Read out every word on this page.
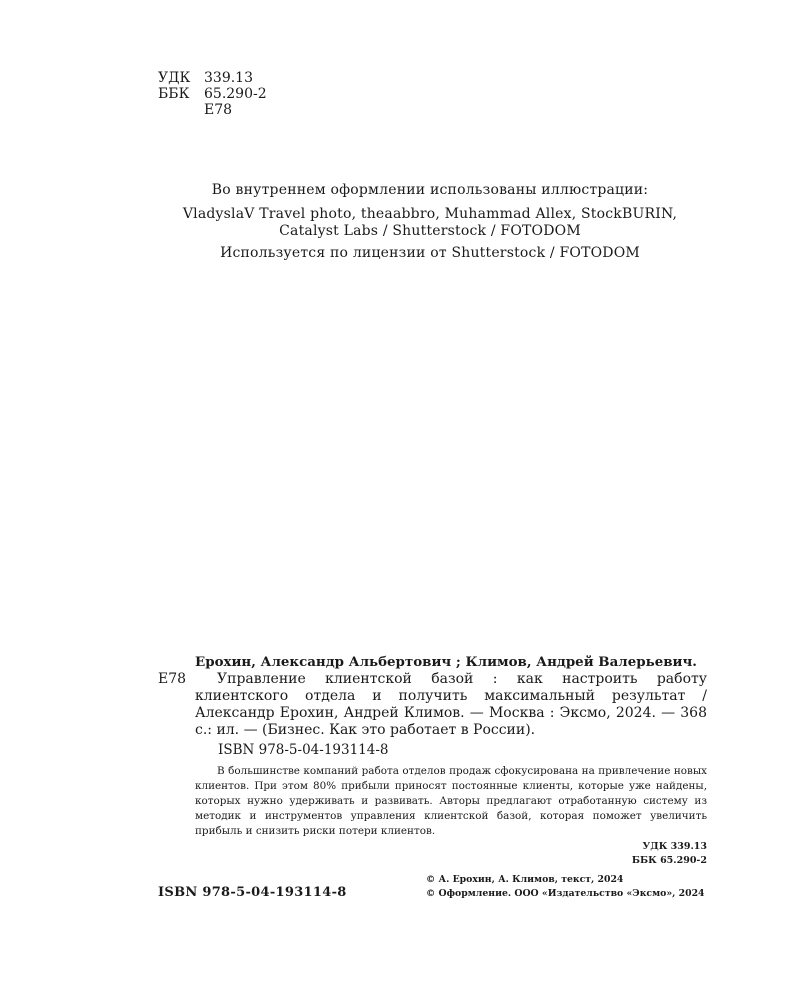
УДК 339.13
ББК	65.290-2
Е78
Во внутреннем оформлении использованы иллюстрации:
VladyslaV Travel photo, theaabbro, Muhammad Allex, StockBURIN,
Catalyst Labs / Shutterstock / FOTODOM
Используется по лицензии от Shutterstock / FOTODOM
Ерохин, Александр Альбертович ; Климов, Андрей Валерьевич.
Е78	Управление клиентской базой : как настроить работу клиентского отдела и получить максимальный результат / Александр Ерохин, Андрей Климов. — Москва : Эксмо, 2024. — 368 с.: ил. — (Бизнес. Как это работает в России).
ISBN 978-5-04-193114-8
В большинстве компаний работа отделов продаж сфокусирована на привлечение новых клиентов. При этом 80% прибыли приносят постоянные клиенты, которые уже найдены, которых нужно удерживать и развивать. Авторы предлагают отработанную систему из методик и инструментов управления клиентской базой, которая поможет увеличить прибыль и снизить риски потери клиентов.
УДК 339.13
ББК 65.290-2
ISBN 978-5-04-193114-8
© А. Ерохин, А. Климов, текст, 2024
© Оформление. ООО «Издательство «Эксмо», 2024
